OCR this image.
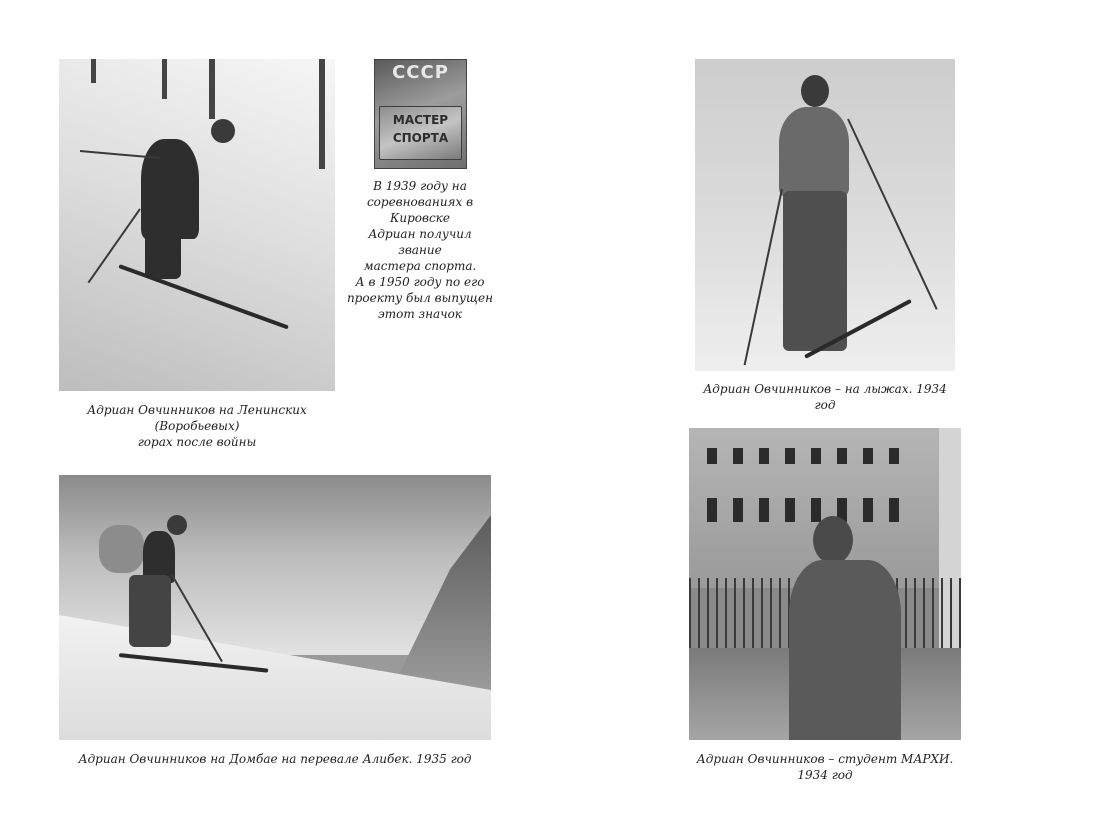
СССР
МАСТЕР
СПОРТА
В 1939 году на
соревнованиях в Кировске
Адриан получил звание
мастера спорта.
А в 1950 году по его
проекту был выпущен
этот значок
Адриан Овчинников на Ленинских (Воробьевых)
горах после войны
Адриан Овчинников – на лыжах. 1934 год
Адриан Овчинников на Домбае на перевале Алибек. 1935 год	Адриан Овчинников – студент МАРХИ. 1934 год
